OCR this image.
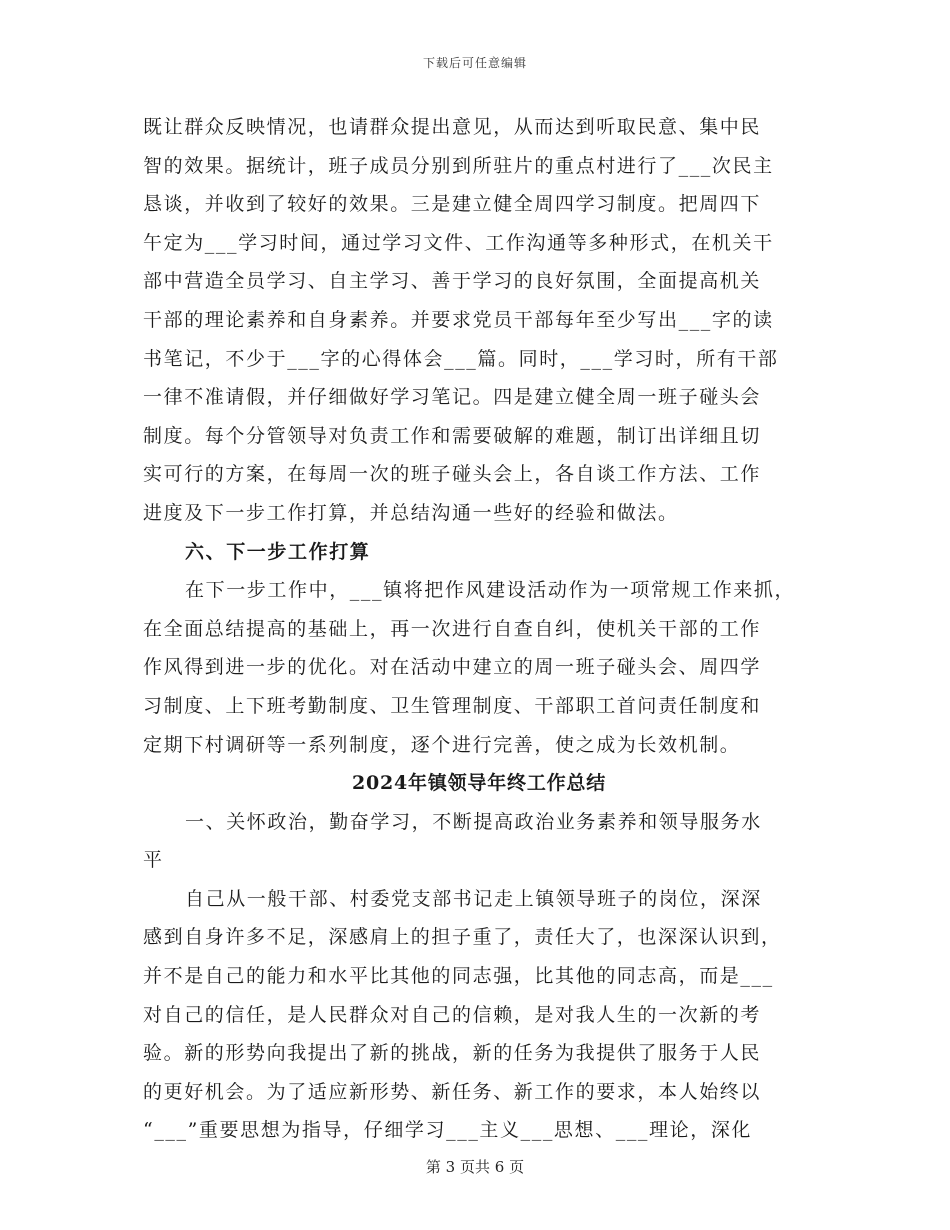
下载后可任意编辑
既让群众反映情况，也请群众提出意见，从而达到听取民意、集中民
智的效果。据统计，班子成员分别到所驻片的重点村进行了___次民主
恳谈，并收到了较好的效果。三是建立健全周四学习制度。把周四下
午定为___学习时间，通过学习文件、工作沟通等多种形式，在机关干
部中营造全员学习、自主学习、善于学习的良好氛围，全面提高机关
干部的理论素养和自身素养。并要求党员干部每年至少写出___字的读
书笔记，不少于___字的心得体会___篇。同时，___学习时，所有干部
一律不准请假，并仔细做好学习笔记。四是建立健全周一班子碰头会
制度。每个分管领导对负责工作和需要破解的难题，制订出详细且切
实可行的方案，在每周一次的班子碰头会上，各自谈工作方法、工作
进度及下一步工作打算，并总结沟通一些好的经验和做法。
六、下一步工作打算
在下一步工作中，___镇将把作风建设活动作为一项常规工作来抓，
在全面总结提高的基础上，再一次进行自查自纠，使机关干部的工作
作风得到进一步的优化。对在活动中建立的周一班子碰头会、周四学
习制度、上下班考勤制度、卫生管理制度、干部职工首问责任制度和
定期下村调研等一系列制度，逐个进行完善，使之成为长效机制。
2024年镇领导年终工作总结
一、关怀政治，勤奋学习，不断提高政治业务素养和领导服务水
平
自己从一般干部、村委党支部书记走上镇领导班子的岗位，深深
感到自身许多不足，深感肩上的担子重了，责任大了，也深深认识到，
并不是自己的能力和水平比其他的同志强，比其他的同志高，而是___
对自己的信任，是人民群众对自己的信赖，是对我人生的一次新的考
验。新的形势向我提出了新的挑战，新的任务为我提供了服务于人民
的更好机会。为了适应新形势、新任务、新工作的要求，本人始终以
“___”重要思想为指导，仔细学习___主义___思想、___理论，深化
第 3 页共 6 页
